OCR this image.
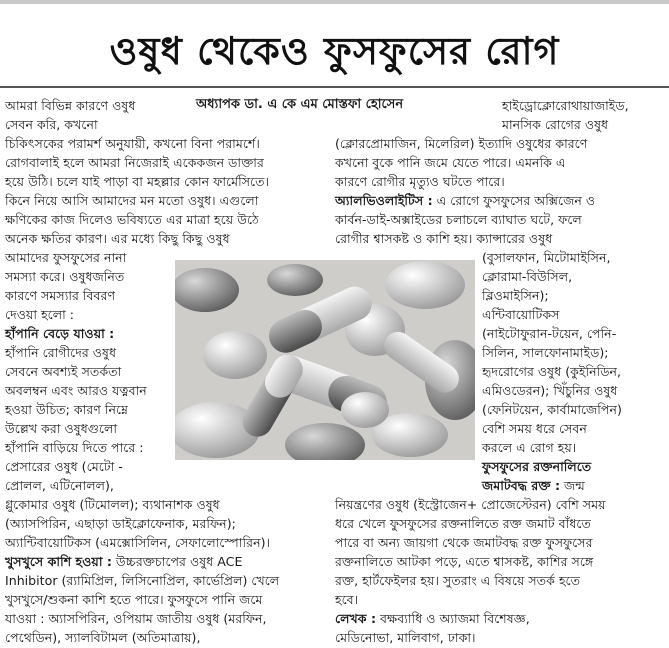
ওষুধ থেকেও ফুসফুসের রোগ
অধ্যাপক ডা. এ কে এম মোস্তফা হোসেন

আমরা বিভিন্ন কারণে ওষুধ

সেবন করি, কখনো

চিকিৎসকের পরামর্শ অনুযায়ী, কখনো বিনা পরামর্শে।

রোগবালাই হলে আমরা নিজেরাই একেকজন ডাক্তার

হয়ে উঠি। চলে যাই পাড়া বা মহল্লার কোন ফার্মেসিতে।

কিনে নিয়ে আসি আমাদের মন মতো ওষুধ। এগুলো

ক্ষণিকের কাজ দিলেও ভবিষ্যতে এর মাত্রা হয়ে উঠে

অনেক ক্ষতির কারণ। এর মধ্যে কিছু কিছু ওষুধ

আমাদের ফুসফুসের নানা

সমস্যা করে। ওষুধজনিত

কারণে সমস্যার বিবরণ

দেওয়া হলো :

হাঁপানি বেড়ে যাওয়া :

হাঁপানি রোগীদের ওষুধ

সেবনে অবশ্যই সতর্কতা

অবলম্বন এবং আরও যত্নবান

হওয়া উচিত; কারণ নিম্নে

উল্লেখ করা ওষুধগুলো

হাঁপানি বাড়িয়ে দিতে পারে :

প্রেসারের ওষুধ (মেটো -

প্রোলল, এটিনোলল),

গ্লুকোমার ওষুধ (টিমোলল); ব্যথানাশক ওষুধ

(অ্যাসপিরিন, এছাড়া ডাইক্লোফেনাক, মরফিন);

অ্যান্টিবায়োটিকস (এমক্সোসিলিন, সেফালোস্পোরিন)।

খুসখুসে কাশি হওয়া : উচ্চরক্তচাপের ওষুধ ACE

Inhibitor (র‍্যামিপ্রিল, লিসিনোপ্রিল, কার্ভেপ্রিল) খেলে

খুসখুসে/শুকনা কাশি হতে পারে। ফুসফুসে পানি জমে

যাওয়া : অ্যাসপিরিন, ওপিয়াম জাতীয় ওষুধ (মরফিন,

পেথেডিন), স্যালবিটামল (অতিমাত্রায়),

হাইড্রোক্লোরোথায়াজাইড,

মানসিক রোগের ওষুধ

(ক্লোরপ্রোমাজিন, মিলেরিল) ইত্যাদি ওষুধের কারণে

কখনো বুকে পানি জমে যেতে পারে। এমনকি এ

কারণে রোগীর মৃত্যুও ঘটতে পারে।

অ্যালভিওলাইটিস : এ রোগে ফুসফুসের অক্সিজেন ও

কার্বন-ডাই-অক্সাইডের চলাচলে ব্যাঘাত ঘটে, ফলে

রোগীর শ্বাসকষ্ট ও কাশি হয়। ক্যান্সারের ওষুধ

(বুসালফান, মিটোমাইসিন,

ক্লোরামা-বিউসিল,

ব্লিওমাইসিন);

এন্টিবায়োটিকস

(নাইটোফুরান-টয়েন, পেনি-

সিলিন, সালফোনামাইড);

হৃদরোগের ওষুধ (কুইনিডিন,

এমিওডেরন); খিঁচুনির ওষুধ

(ফেনিটয়েন, কার্বামাজেপিন)

বেশি সময় ধরে সেবন

করলে এ রোগ হয়।

ফুসফুসের রক্তনালিতে

জমাটবদ্ধ রক্ত : জন্ম

নিয়ন্ত্রণের ওষুধ (ইস্ট্রোজেন+ প্রোজেস্টেরন) বেশি সময়

ধরে খেলে ফুসফুসের রক্তনালিতে রক্ত জমাট বাঁধতে

পারে বা অন্য জায়গা থেকে জমাটবদ্ধ রক্ত ফুসফুসের

রক্তনালিতে আটকা পড়ে, এতে শ্বাসকষ্ট, কাশির সঙ্গে

রক্ত, হার্টফেইলর হয়। সুতরাং এ বিষয়ে সতর্ক হতে

হবে।

লেখক : বক্ষব্যাধি ও অ্যাজমা বিশেষজ্ঞ,

মেডিনোভা, মালিবাগ, ঢাকা।
